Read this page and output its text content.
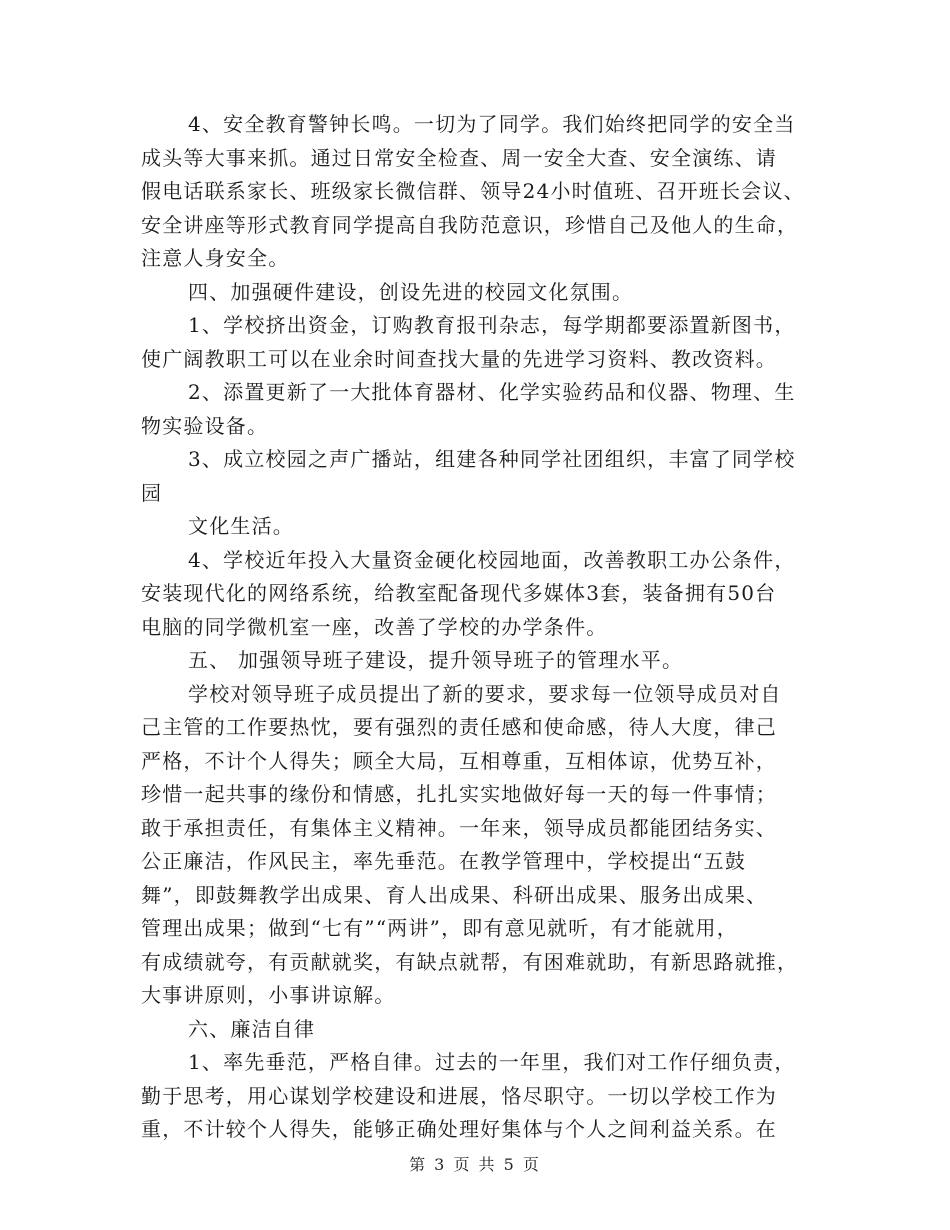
4、安全教育警钟长鸣。一切为了同学。我们始终把同学的安全当
成头等大事来抓。通过日常安全检查、周一安全大查、安全演练、请
假电话联系家长、班级家长微信群、领导24小时值班、召开班长会议、
安全讲座等形式教育同学提高自我防范意识，珍惜自己及他人的生命，
注意人身安全。
四、加强硬件建设，创设先进的校园文化氛围。
1、学校挤出资金，订购教育报刊杂志，每学期都要添置新图书，
使广阔教职工可以在业余时间查找大量的先进学习资料、教改资料。
2、添置更新了一大批体育器材、化学实验药品和仪器、物理、生
物实验设备。
3、成立校园之声广播站，组建各种同学社团组织，丰富了同学校
园
文化生活。
4、学校近年投入大量资金硬化校园地面，改善教职工办公条件，
安装现代化的网络系统，给教室配备现代多媒体3套，装备拥有50台
电脑的同学微机室一座，改善了学校的办学条件。
五、 加强领导班子建设，提升领导班子的管理水平。
学校对领导班子成员提出了新的要求，要求每一位领导成员对自
己主管的工作要热忱，要有强烈的责任感和使命感，待人大度，律己
严格，不计个人得失；顾全大局，互相尊重，互相体谅，优势互补，
珍惜一起共事的缘份和情感，扎扎实实地做好每一天的每一件事情；
敢于承担责任，有集体主义精神。一年来，领导成员都能团结务实、
公正廉洁，作风民主，率先垂范。在教学管理中，学校提出“五鼓
舞”，即鼓舞教学出成果、育人出成果、科研出成果、服务出成果、
管理出成果；做到“七有”“两讲”，即有意见就听，有才能就用，
有成绩就夸，有贡献就奖，有缺点就帮，有困难就助，有新思路就推，
大事讲原则，小事讲谅解。
六、廉洁自律
1、率先垂范，严格自律。过去的一年里，我们对工作仔细负责，
勤于思考，用心谋划学校建设和进展，恪尽职守。一切以学校工作为
重，不计较个人得失，能够正确处理好集体与个人之间利益关系。在
第 3 页 共 5 页
